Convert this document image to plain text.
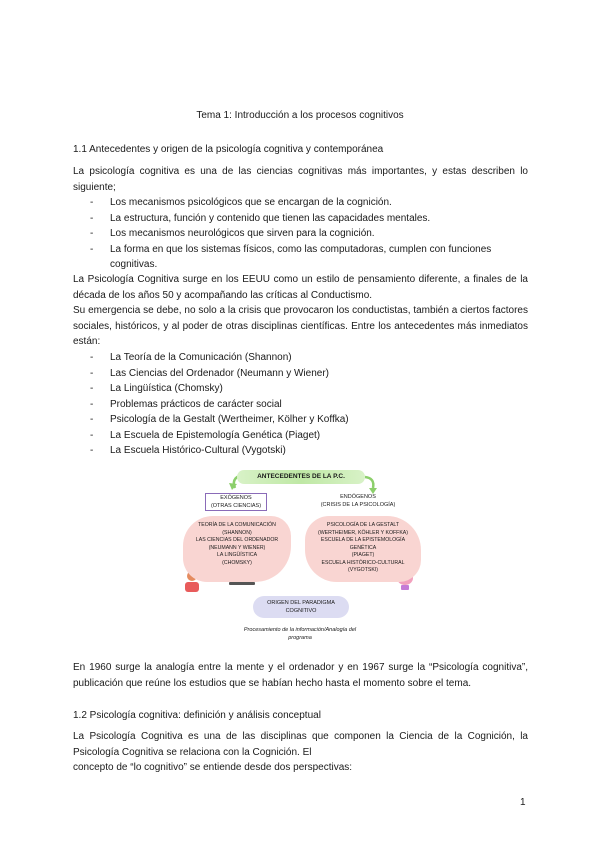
Tema 1: Introducción a los procesos cognitivos
1.1 Antecedentes y origen de la psicología cognitiva y contemporánea
La psicología cognitiva es una de las ciencias cognitivas más importantes, y estas describen lo siguiente;
- Los mecanismos psicológicos que se encargan de la cognición.
- La estructura, función y contenido que tienen las capacidades mentales.
- Los mecanismos neurológicos que sirven para la cognición.
- La forma en que los sistemas físicos, como las computadoras, cumplen con funciones cognitivas.
La Psicología Cognitiva surge en los EEUU como un estilo de pensamiento diferente, a finales de la década de los años 50 y acompañando las críticas al Conductismo.
Su emergencia se debe, no solo a la crisis que provocaron los conductistas, también a ciertos factores sociales, históricos, y al poder de otras disciplinas científicas. Entre los antecedentes más inmediatos están:
- La Teoría de la Comunicación (Shannon)
- Las Ciencias del Ordenador (Neumann y Wiener)
- La Lingüística (Chomsky)
- Problemas prácticos de carácter social
- Psicología de la Gestalt (Wertheimer, Kölher y Koffka)
- La Escuela de Epistemología Genética (Piaget)
- La Escuela Histórico-Cultural (Vygotski)
ANTECEDENTES DE LA P.C.
EXÓGENOS
(OTRAS CIENCIAS)
ENDÓGENOS
(CRISIS DE LA PSICOLOGÍA)
TEORÍA DE LA COMUNICACIÓN
(SHANNON)
LAS CIENCIAS DEL ORDENADOR
(NEUMANN Y WIENER)
LA LINGÜÍSTICA
(CHOMSKY)
PSICOLOGÍA DE LA GESTALT
(WERTHEIMER, KÖHLER Y KOFFKA)
ESCUELA DE LA EPISTEMOLOGÍA GENÉTICA
(PIAGET)
ESCUELA HISTÓRICO-CULTURAL
(VYGOTSKI)
ORIGEN DEL PARADIGMA
COGNITIVO
Procesamiento de la información/Analogía del
programa
En 1960 surge la analogía entre la mente y el ordenador y en 1967 surge la “Psicología cognitiva”, publicación que reúne los estudios que se habían hecho hasta el momento sobre el tema.
1.2 Psicología cognitiva: definición y análisis conceptual
La Psicología Cognitiva es una de las disciplinas que componen la Ciencia de la Cognición, la Psicología Cognitiva se relaciona con la Cognición. El
concepto de “lo cognitivo” se entiende desde dos perspectivas:
1
